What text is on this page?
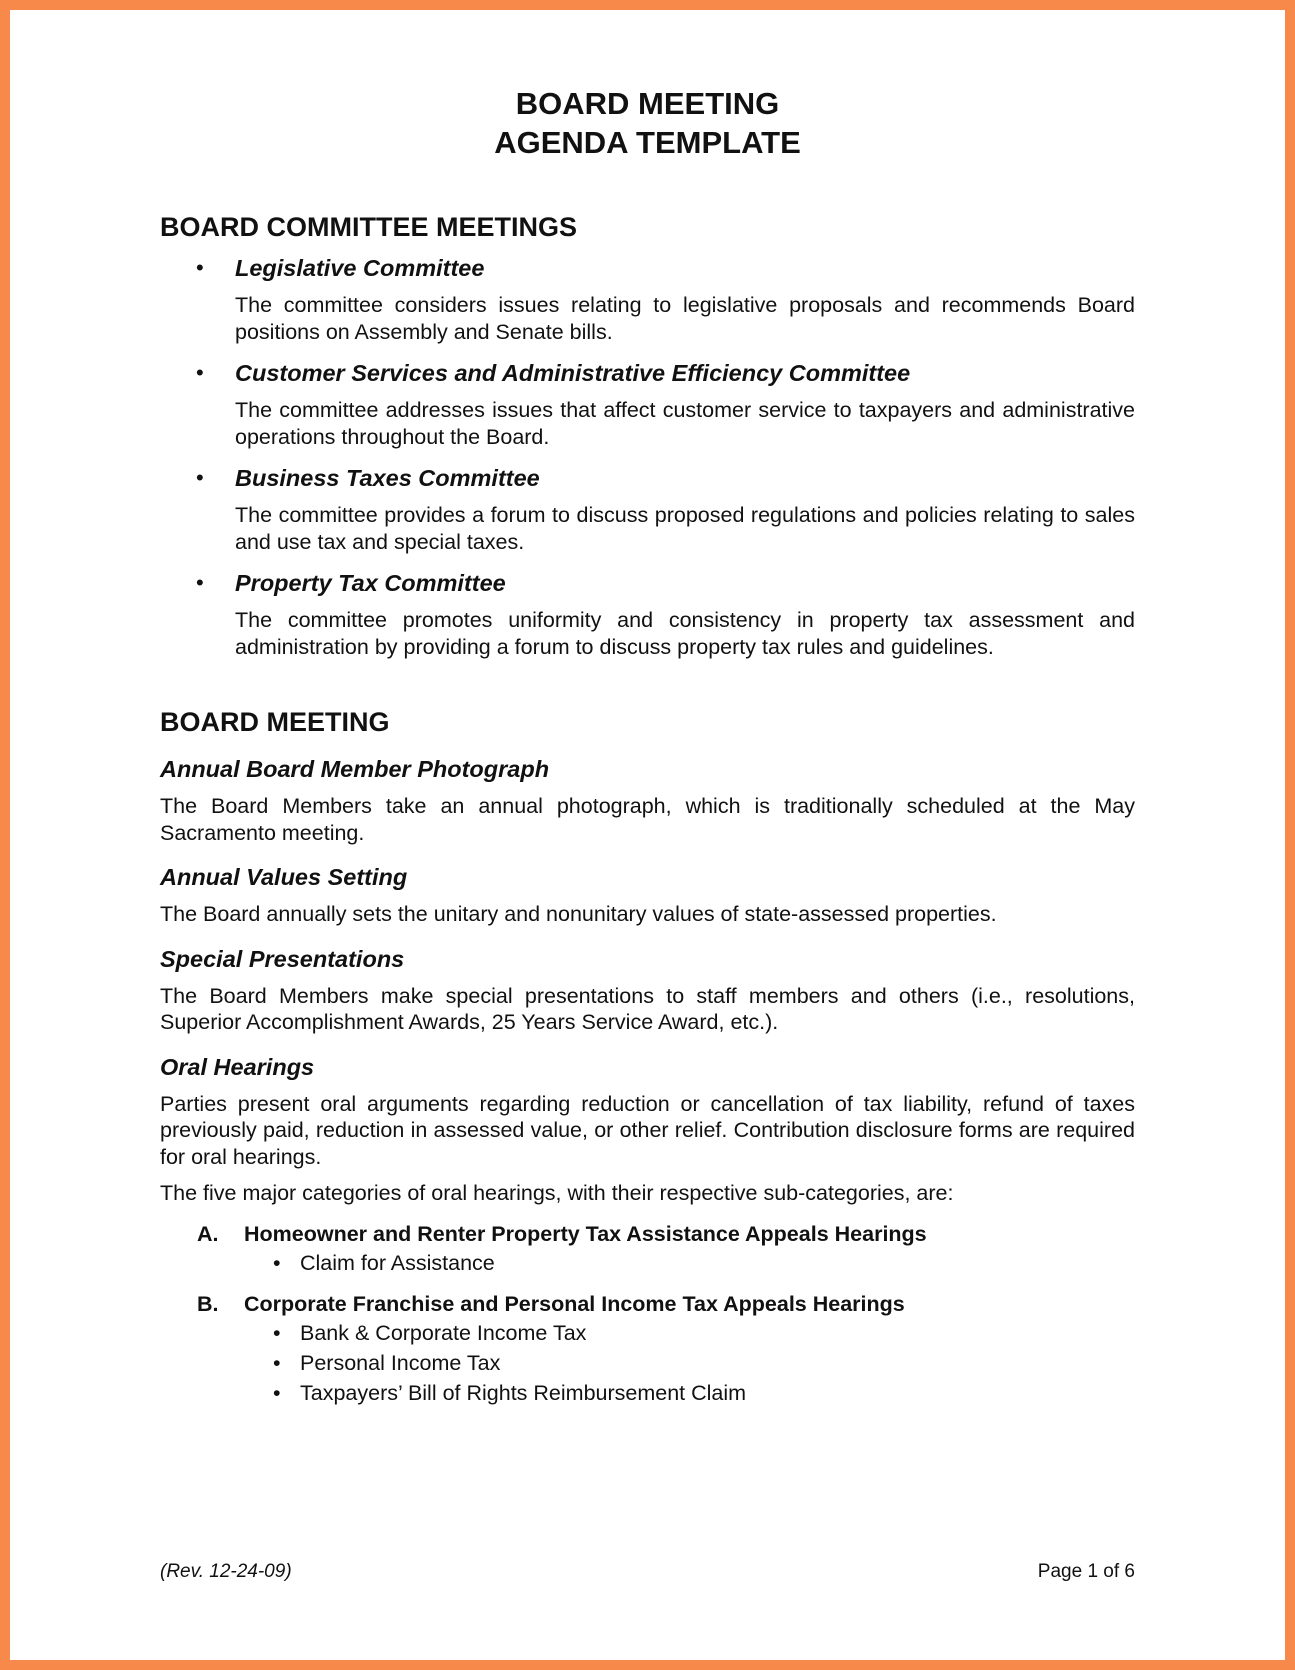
BOARD MEETING
AGENDA TEMPLATE
BOARD COMMITTEE MEETINGS
• Legislative Committee

The committee considers issues relating to legislative proposals and recommends Board positions on Assembly and Senate bills.

• Customer Services and Administrative Efficiency Committee

The committee addresses issues that affect customer service to taxpayers and administrative operations throughout the Board.

• Business Taxes Committee

The committee provides a forum to discuss proposed regulations and policies relating to sales and use tax and special taxes.

• Property Tax Committee

The committee promotes uniformity and consistency in property tax assessment and administration by providing a forum to discuss property tax rules and guidelines.

BOARD MEETING

Annual Board Member Photograph

The Board Members take an annual photograph, which is traditionally scheduled at the May Sacramento meeting.

Annual Values Setting

The Board annually sets the unitary and nonunitary values of state-assessed properties.

Special Presentations

The Board Members make special presentations to staff members and others (i.e., resolutions, Superior Accomplishment Awards, 25 Years Service Award, etc.).

Oral Hearings

Parties present oral arguments regarding reduction or cancellation of tax liability, refund of taxes previously paid, reduction in assessed value, or other relief. Contribution disclosure forms are required for oral hearings.

The five major categories of oral hearings, with their respective sub-categories, are:

A. Homeowner and Renter Property Tax Assistance Appeals Hearings

• Claim for Assistance
B. Corporate Franchise and Personal Income Tax Appeals Hearings

• Bank & Corporate Income Tax
• Personal Income Tax
• Taxpayers’ Bill of Rights Reimbursement Claim
(Rev. 12-24-09)	Page 1 of 6
